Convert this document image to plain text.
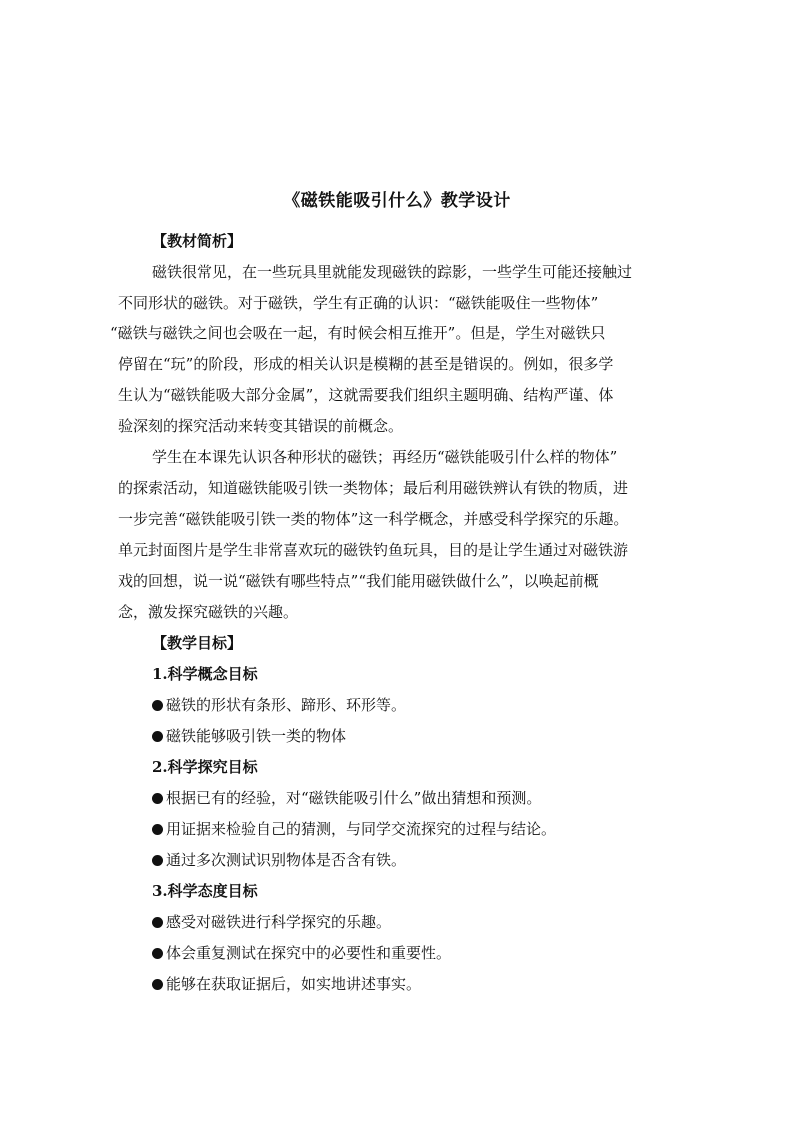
《磁铁能吸引什么》教学设计
【教材简析】
磁铁很常见，在一些玩具里就能发现磁铁的踪影，一些学生可能还接触过
不同形状的磁铁。对于磁铁，学生有正确的认识：“磁铁能吸住一些物体”
“磁铁与磁铁之间也会吸在一起，有时候会相互推开”。但是，学生对磁铁只
停留在“玩”的阶段，形成的相关认识是模糊的甚至是错误的。例如，很多学
生认为“磁铁能吸大部分金属”，这就需要我们组织主题明确、结构严谨、体
验深刻的探究活动来转变其错误的前概念。
学生在本课先认识各种形状的磁铁；再经历“磁铁能吸引什么样的物体”
的探索活动，知道磁铁能吸引铁一类物体；最后利用磁铁辨认有铁的物质，进
一步完善“磁铁能吸引铁一类的物体”这一科学概念，并感受科学探究的乐趣。
单元封面图片是学生非常喜欢玩的磁铁钓鱼玩具，目的是让学生通过对磁铁游
戏的回想，说一说“磁铁有哪些特点”“我们能用磁铁做什么”，以唤起前概
念，激发探究磁铁的兴趣。
【教学目标】
1.科学概念目标
磁铁的形状有条形、蹄形、环形等。
磁铁能够吸引铁一类的物体
2.科学探究目标
根据已有的经验，对“磁铁能吸引什么”做出猜想和预测。
用证据来检验自己的猜测，与同学交流探究的过程与结论。
通过多次测试识别物体是否含有铁。
3.科学态度目标
感受对磁铁进行科学探究的乐趣。
体会重复测试在探究中的必要性和重要性。
能够在获取证据后，如实地讲述事实。
